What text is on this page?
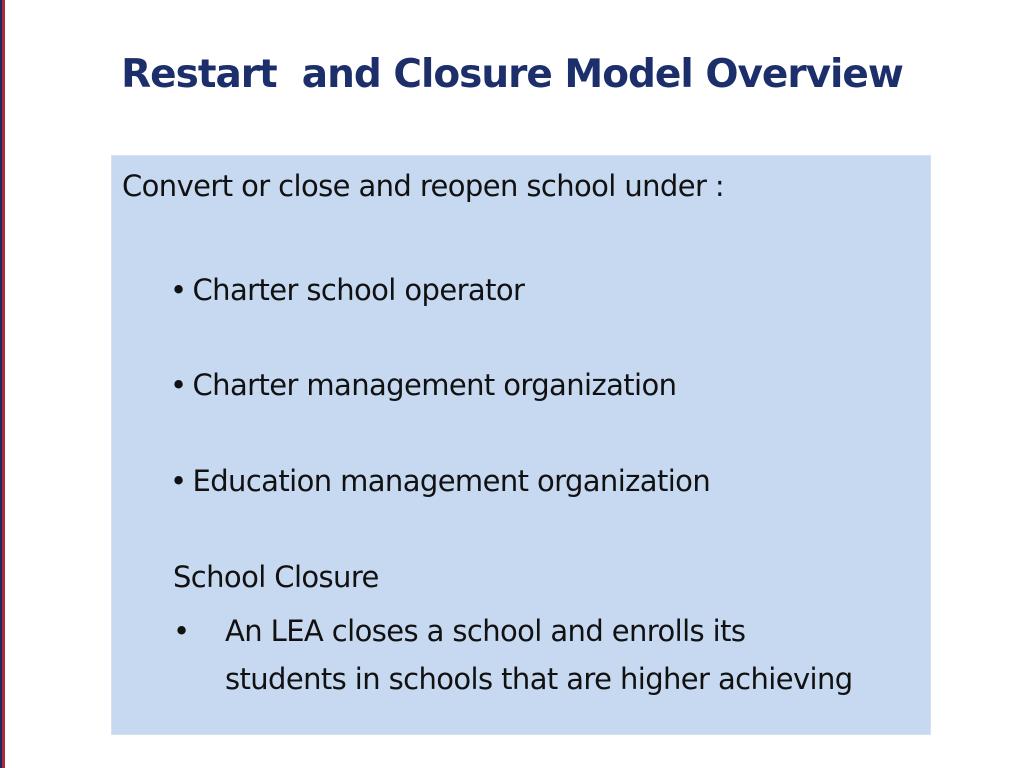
Restart  and Closure Model Overview
Convert or close and reopen school under :
• Charter school operator
• Charter management organization
• Education management organization
School Closure
• An LEA closes a school and enrolls its students in schools that are higher achieving
